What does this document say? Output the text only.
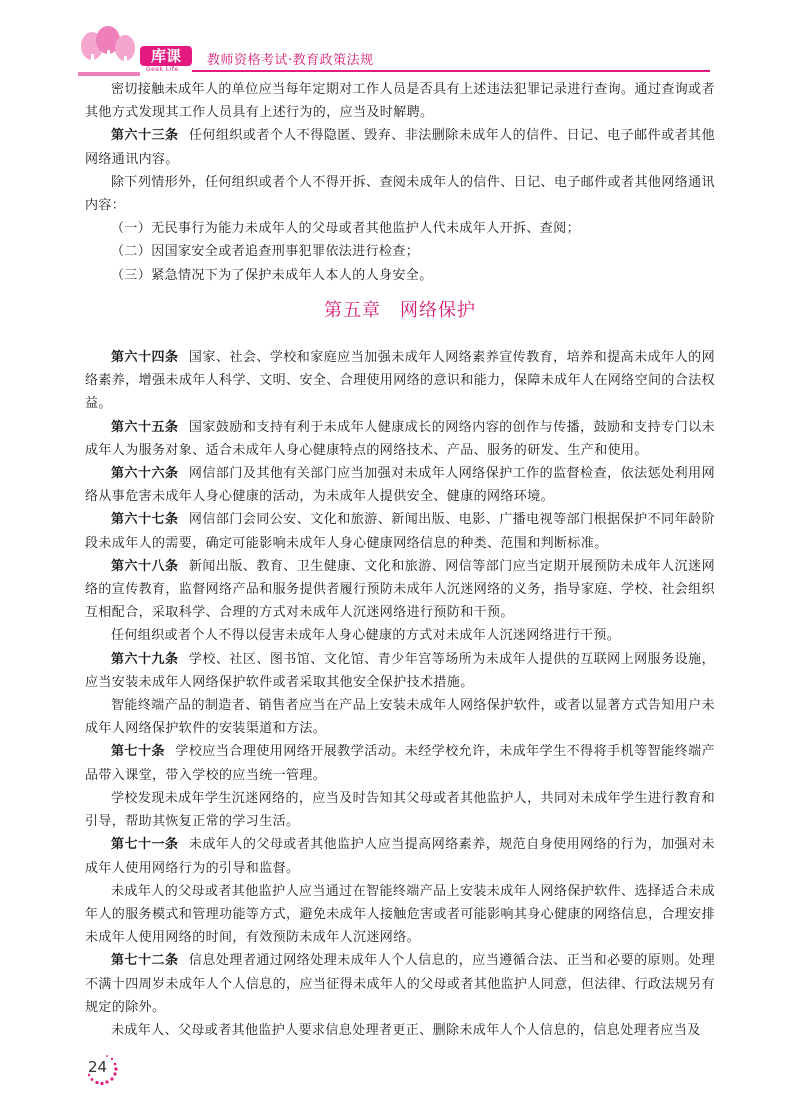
库课
Geek Life
教师资格考试·教育政策法规

密切接触未成年人的单位应当每年定期对工作人员是否具有上述违法犯罪记录进行查询。通过查询或者其他方式发现其工作人员具有上述行为的，应当及时解聘。

第六十三条 任何组织或者个人不得隐匿、毁弃、非法删除未成年人的信件、日记、电子邮件或者其他网络通讯内容。

除下列情形外，任何组织或者个人不得开拆、查阅未成年人的信件、日记、电子邮件或者其他网络通讯内容：

（一）无民事行为能力未成年人的父母或者其他监护人代未成年人开拆、查阅；

（二）因国家安全或者追查刑事犯罪依法进行检查；

（三）紧急情况下为了保护未成年人本人的人身安全。

第五章　网络保护

第六十四条 国家、社会、学校和家庭应当加强未成年人网络素养宣传教育，培养和提高未成年人的网络素养，增强未成年人科学、文明、安全、合理使用网络的意识和能力，保障未成年人在网络空间的合法权益。

第六十五条 国家鼓励和支持有利于未成年人健康成长的网络内容的创作与传播，鼓励和支持专门以未成年人为服务对象、适合未成年人身心健康特点的网络技术、产品、服务的研发、生产和使用。

第六十六条 网信部门及其他有关部门应当加强对未成年人网络保护工作的监督检查，依法惩处利用网络从事危害未成年人身心健康的活动，为未成年人提供安全、健康的网络环境。

第六十七条 网信部门会同公安、文化和旅游、新闻出版、电影、广播电视等部门根据保护不同年龄阶段未成年人的需要，确定可能影响未成年人身心健康网络信息的种类、范围和判断标准。

第六十八条 新闻出版、教育、卫生健康、文化和旅游、网信等部门应当定期开展预防未成年人沉迷网络的宣传教育，监督网络产品和服务提供者履行预防未成年人沉迷网络的义务，指导家庭、学校、社会组织互相配合，采取科学、合理的方式对未成年人沉迷网络进行预防和干预。

任何组织或者个人不得以侵害未成年人身心健康的方式对未成年人沉迷网络进行干预。

第六十九条 学校、社区、图书馆、文化馆、青少年宫等场所为未成年人提供的互联网上网服务设施，应当安装未成年人网络保护软件或者采取其他安全保护技术措施。

智能终端产品的制造者、销售者应当在产品上安装未成年人网络保护软件，或者以显著方式告知用户未成年人网络保护软件的安装渠道和方法。

第七十条 学校应当合理使用网络开展教学活动。未经学校允许，未成年学生不得将手机等智能终端产品带入课堂，带入学校的应当统一管理。

学校发现未成年学生沉迷网络的，应当及时告知其父母或者其他监护人，共同对未成年学生进行教育和引导，帮助其恢复正常的学习生活。

第七十一条 未成年人的父母或者其他监护人应当提高网络素养，规范自身使用网络的行为，加强对未成年人使用网络行为的引导和监督。

未成年人的父母或者其他监护人应当通过在智能终端产品上安装未成年人网络保护软件、选择适合未成年人的服务模式和管理功能等方式，避免未成年人接触危害或者可能影响其身心健康的网络信息，合理安排未成年人使用网络的时间，有效预防未成年人沉迷网络。

第七十二条 信息处理者通过网络处理未成年人个人信息的，应当遵循合法、正当和必要的原则。处理不满十四周岁未成年人个人信息的，应当征得未成年人的父母或者其他监护人同意，但法律、行政法规另有规定的除外。

未成年人、父母或者其他监护人要求信息处理者更正、删除未成年人个人信息的，信息处理者应当及

24
